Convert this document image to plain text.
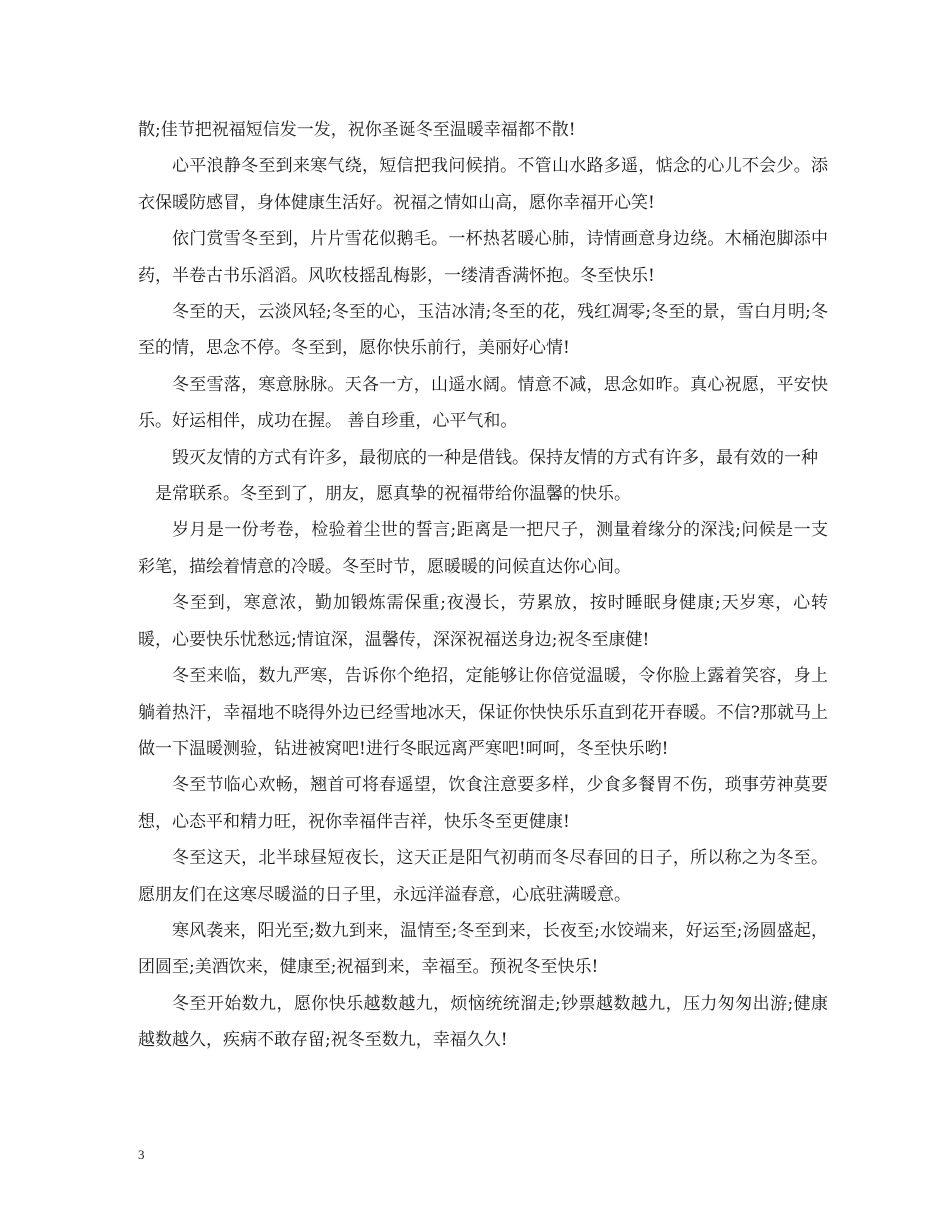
散;佳节把祝福短信发一发，祝你圣诞冬至温暖幸福都不散!

心平浪静冬至到来寒气绕，短信把我问候捎。不管山水路多遥，惦念的心儿不会少。添衣保暖防感冒，身体健康生活好。祝福之情如山高，愿你幸福开心笑!

依门赏雪冬至到，片片雪花似鹅毛。一杯热茗暖心肺，诗情画意身边绕。木桶泡脚添中药，半卷古书乐滔滔。风吹枝摇乱梅影，一缕清香满怀抱。冬至快乐!

冬至的天，云淡风轻;冬至的心，玉洁冰清;冬至的花，残红凋零;冬至的景，雪白月明;冬至的情，思念不停。冬至到，愿你快乐前行，美丽好心情!

冬至雪落，寒意脉脉。天各一方，山遥水阔。情意不减，思念如昨。真心祝愿，平安快乐。好运相伴，成功在握。 善自珍重，心平气和。

毁灭友情的方式有许多，最彻底的一种是借钱。保持友情的方式有许多，最有效的一种

是常联系。冬至到了，朋友，愿真挚的祝福带给你温馨的快乐。

岁月是一份考卷，检验着尘世的誓言;距离是一把尺子，测量着缘分的深浅;问候是一支彩笔，描绘着情意的冷暖。冬至时节，愿暖暖的问候直达你心间。

冬至到，寒意浓，勤加锻炼需保重;夜漫长，劳累放，按时睡眠身健康;天岁寒，心转暖，心要快乐忧愁远;情谊深，温馨传，深深祝福送身边;祝冬至康健!

冬至来临，数九严寒，告诉你个绝招，定能够让你倍觉温暖，令你脸上露着笑容，身上躺着热汗，幸福地不晓得外边已经雪地冰天，保证你快快乐乐直到花开春暖。不信?那就马上做一下温暖测验，钻进被窝吧!进行冬眠远离严寒吧!呵呵，冬至快乐哟!

冬至节临心欢畅，翘首可将春遥望，饮食注意要多样，少食多餐胃不伤，琐事劳神莫要想，心态平和精力旺，祝你幸福伴吉祥，快乐冬至更健康!

冬至这天，北半球昼短夜长，这天正是阳气初萌而冬尽春回的日子，所以称之为冬至。愿朋友们在这寒尽暖溢的日子里，永远洋溢春意，心底驻满暖意。

寒风袭来，阳光至;数九到来，温情至;冬至到来，长夜至;水饺端来，好运至;汤圆盛起，团圆至;美酒饮来，健康至;祝福到来，幸福至。预祝冬至快乐!

冬至开始数九，愿你快乐越数越九，烦恼统统溜走;钞票越数越九，压力匆匆出游;健康越数越久，疾病不敢存留;祝冬至数九，幸福久久!

3
